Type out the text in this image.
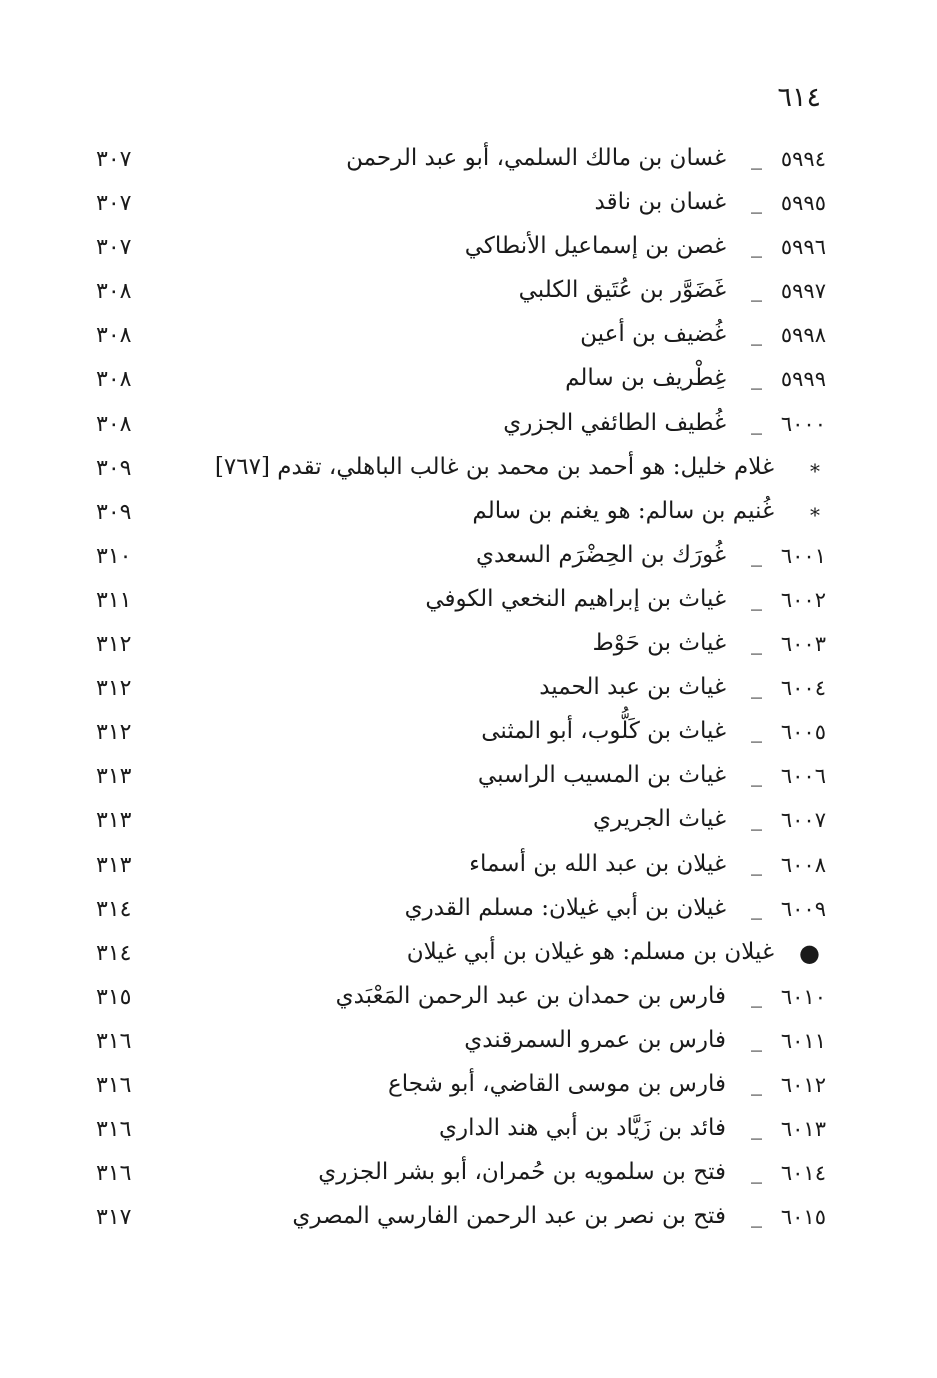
٦١٤
٥٩٩٤
_
غسان بن مالك السلمي، أبو عبد الرحمن
٣٠٧
٥٩٩٥
_
غسان بن ناقد
٣٠٧
٥٩٩٦
_
غصن بن إسماعيل الأنطاكي
٣٠٧
٥٩٩٧
_
غَضَوَّر بن عُتَيق الكلبي
٣٠٨
٥٩٩٨
_
غُضيف بن أعين
٣٠٨
٥٩٩٩
_
غِطْريف بن سالم
٣٠٨
٦٠٠٠
_
غُطيف الطائفي الجزري
٣٠٨
*
غلام خليل: هو أحمد بن محمد بن غالب الباهلي، تقدم [٧٦٧]
٣٠٩
*
غُنيم بن سالم: هو يغنم بن سالم
٣٠٩
٦٠٠١
_
غُورَك بن الحِضْرَم السعدي
٣١٠
٦٠٠٢
_
غياث بن إبراهيم النخعي الكوفي
٣١١
٦٠٠٣
_
غياث بن حَوْط
٣١٢
٦٠٠٤
_
غياث بن عبد الحميد
٣١٢
٦٠٠٥
_
غياث بن كَلُّوب، أبو المثنى
٣١٢
٦٠٠٦
_
غياث بن المسيب الراسبي
٣١٣
٦٠٠٧
_
غياث الجريري
٣١٣
٦٠٠٨
_
غيلان بن عبد الله بن أسماء
٣١٣
٦٠٠٩
_
غيلان بن أبي غيلان: مسلم القدري
٣١٤
●
غيلان بن مسلم: هو غيلان بن أبي غيلان
٣١٤
٦٠١٠
_
فارس بن حمدان بن عبد الرحمن المَعْبَدي
٣١٥
٦٠١١
_
فارس بن عمرو السمرقندي
٣١٦
٦٠١٢
_
فارس بن موسى القاضي، أبو شجاع
٣١٦
٦٠١٣
_
فائد بن زَيَّاد بن أبي هند الداري
٣١٦
٦٠١٤
_
فتح بن سلمويه بن حُمران، أبو بشر الجزري
٣١٦
٦٠١٥
_
فتح بن نصر بن عبد الرحمن الفارسي المصري
٣١٧
